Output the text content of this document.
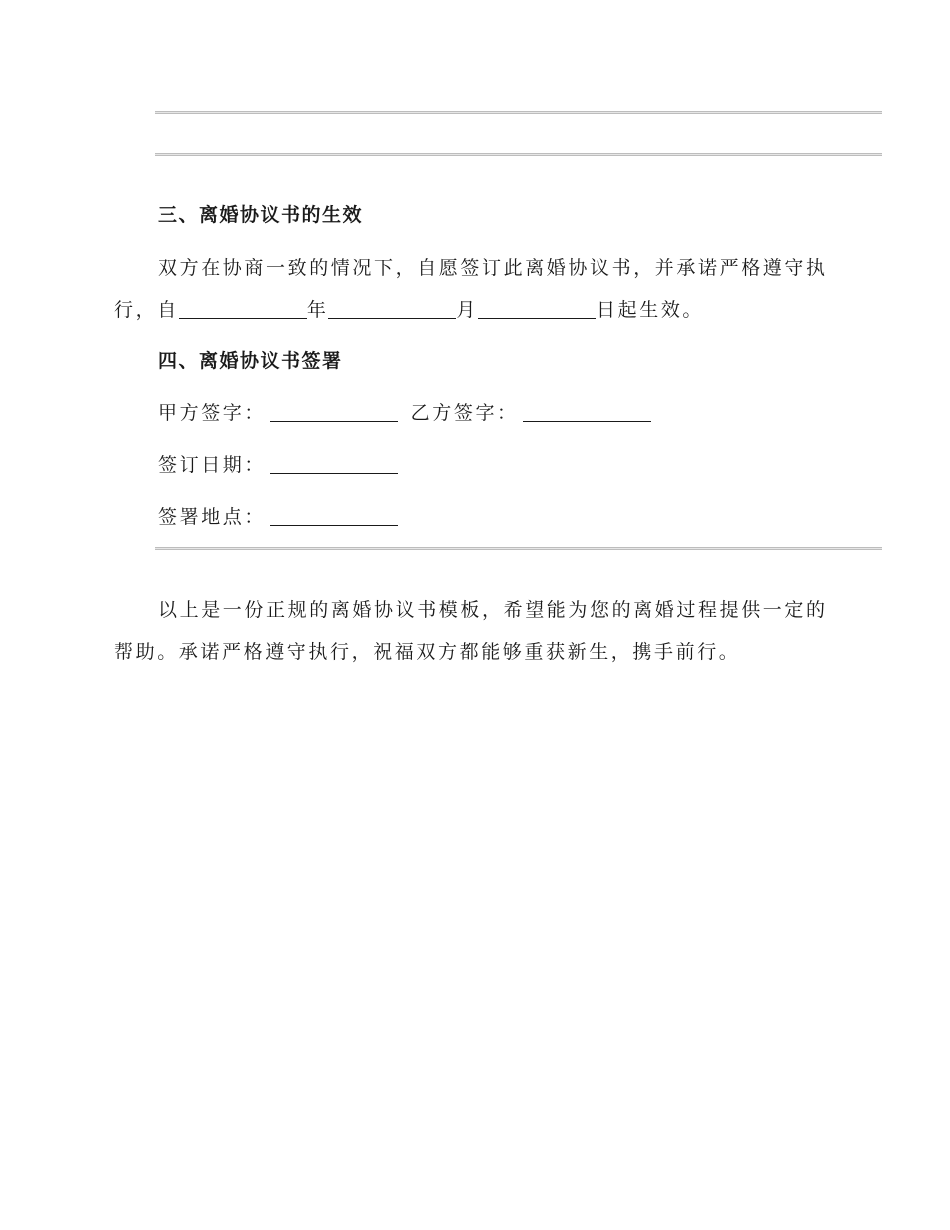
三、离婚协议书的生效
双方在协商一致的情况下，自愿签订此离婚协议书，并承诺严格遵守执
行，自	年	月	日起生效。
四、离婚协议书签署
甲方签字：	乙方签字：
签订日期：
签署地点：
以上是一份正规的离婚协议书模板，希望能为您的离婚过程提供一定的
帮助。承诺严格遵守执行，祝福双方都能够重获新生，携手前行。
